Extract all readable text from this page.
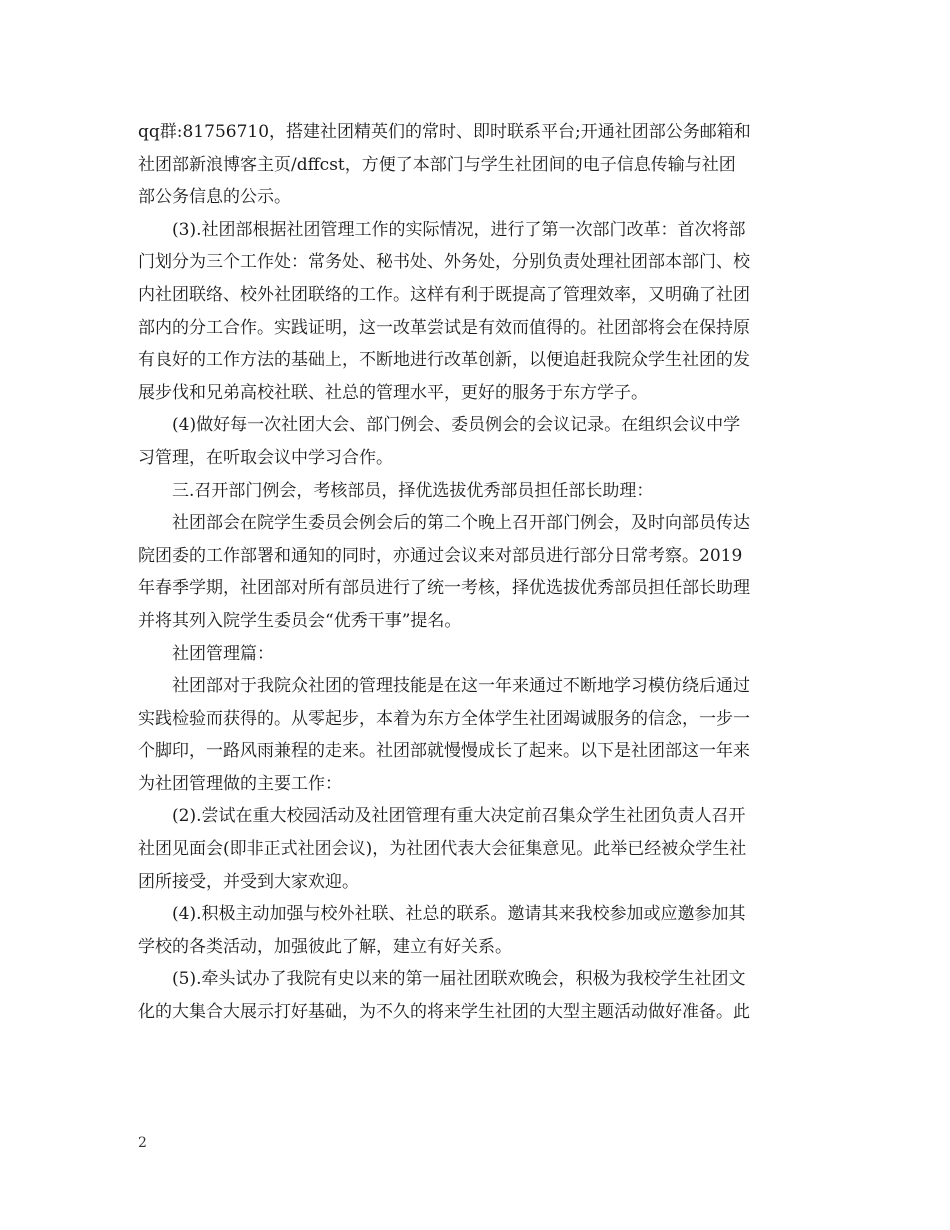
qq群:81756710，搭建社团精英们的常时、即时联系平台;开通社团部公务邮箱和
社团部新浪博客主页/dffcst，方便了本部门与学生社团间的电子信息传输与社团
部公务信息的公示。

(3).社团部根据社团管理工作的实际情况，进行了第一次部门改革：首次将部
门划分为三个工作处：常务处、秘书处、外务处，分别负责处理社团部本部门、校
内社团联络、校外社团联络的工作。这样有利于既提高了管理效率，又明确了社团
部内的分工合作。实践证明，这一改革尝试是有效而值得的。社团部将会在保持原
有良好的工作方法的基础上，不断地进行改革创新，以便追赶我院众学生社团的发
展步伐和兄弟高校社联、社总的管理水平，更好的服务于东方学子。

(4)做好每一次社团大会、部门例会、委员例会的会议记录。在组织会议中学
习管理，在听取会议中学习合作。

三.召开部门例会，考核部员，择优选拔优秀部员担任部长助理：

社团部会在院学生委员会例会后的第二个晚上召开部门例会，及时向部员传达
院团委的工作部署和通知的同时，亦通过会议来对部员进行部分日常考察。2019
年春季学期，社团部对所有部员进行了统一考核，择优选拔优秀部员担任部长助理
并将其列入院学生委员会“优秀干事”提名。

社团管理篇：

社团部对于我院众社团的管理技能是在这一年来通过不断地学习模仿绕后通过
实践检验而获得的。从零起步，本着为东方全体学生社团竭诚服务的信念，一步一
个脚印，一路风雨兼程的走来。社团部就慢慢成长了起来。以下是社团部这一年来
为社团管理做的主要工作：

(2).尝试在重大校园活动及社团管理有重大决定前召集众学生社团负责人召开
社团见面会(即非正式社团会议)，为社团代表大会征集意见。此举已经被众学生社
团所接受，并受到大家欢迎。

(4).积极主动加强与校外社联、社总的联系。邀请其来我校参加或应邀参加其
学校的各类活动，加强彼此了解，建立有好关系。

(5).牵头试办了我院有史以来的第一届社团联欢晚会，积极为我校学生社团文
化的大集合大展示打好基础，为不久的将来学生社团的大型主题活动做好准备。此

2
